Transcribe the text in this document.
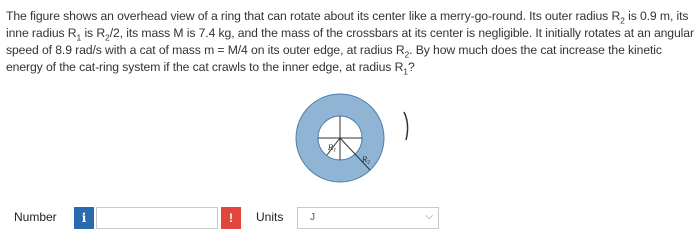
The figure shows an overhead view of a ring that can rotate about its center like a merry-go-round. Its outer radius $R_2$ is 0.9 m, its inne radius $R_1$ is $R_2/2$, its mass M is 7.4 kg, and the mass of the crossbars at its center is negligible. It initially rotates at an angular speed of 8.9 rad/s with a cat of mass m = M/4 on its outer edge, at radius $R_2$. By how much does the cat increase the kinetic energy of the cat-ring system if the cat crawls to the inner edge, at radius $R_1$?
$R_1$
$R_2$
Number	i	!	Units	J	⌵
